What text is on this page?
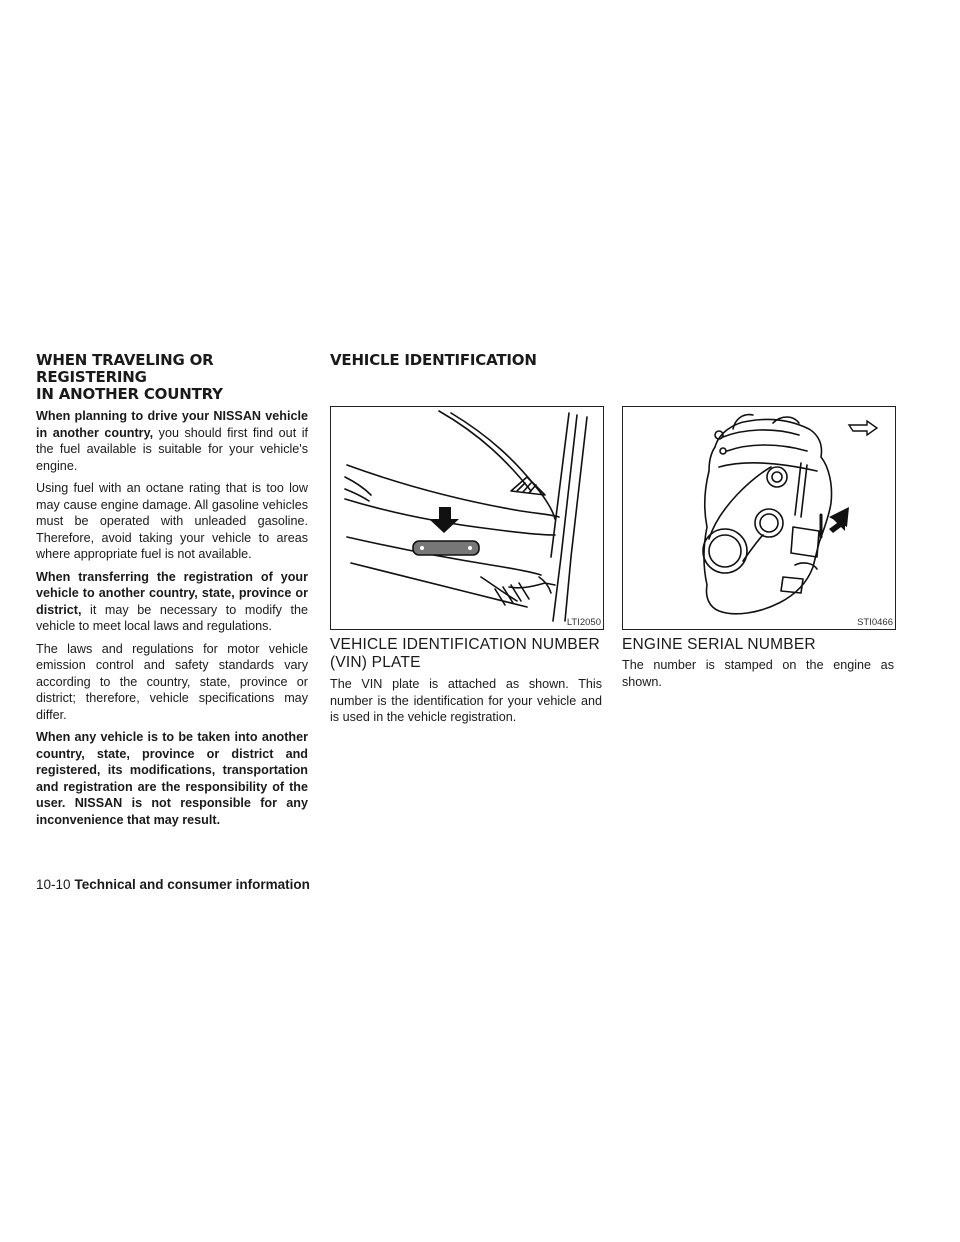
WHEN TRAVELING OR REGISTERING
IN ANOTHER COUNTRY
VEHICLE IDENTIFICATION

When planning to drive your NISSAN vehicle in another country, you should first find out if the fuel available is suitable for your vehicle's engine.

Using fuel with an octane rating that is too low may cause engine damage. All gasoline vehicles must be operated with unleaded gasoline. Therefore, avoid taking your vehicle to areas where appropriate fuel is not available.

When transferring the registration of your vehicle to another country, state, province or district, it may be necessary to modify the vehicle to meet local laws and regulations.

The laws and regulations for motor vehicle emission control and safety standards vary according to the country, state, province or district; therefore, vehicle specifications may differ.

When any vehicle is to be taken into another country, state, province or district and registered, its modifications, transportation and registration are the responsibility of the user. NISSAN is not responsible for any inconvenience that may result.

LTI2050	STI0466
VEHICLE IDENTIFICATION NUMBER
(VIN) PLATE

The VIN plate is attached as shown. This number is the identification for your vehicle and is used in the vehicle registration.

ENGINE SERIAL NUMBER

The number is stamped on the engine as shown.

10-10 Technical and consumer information
